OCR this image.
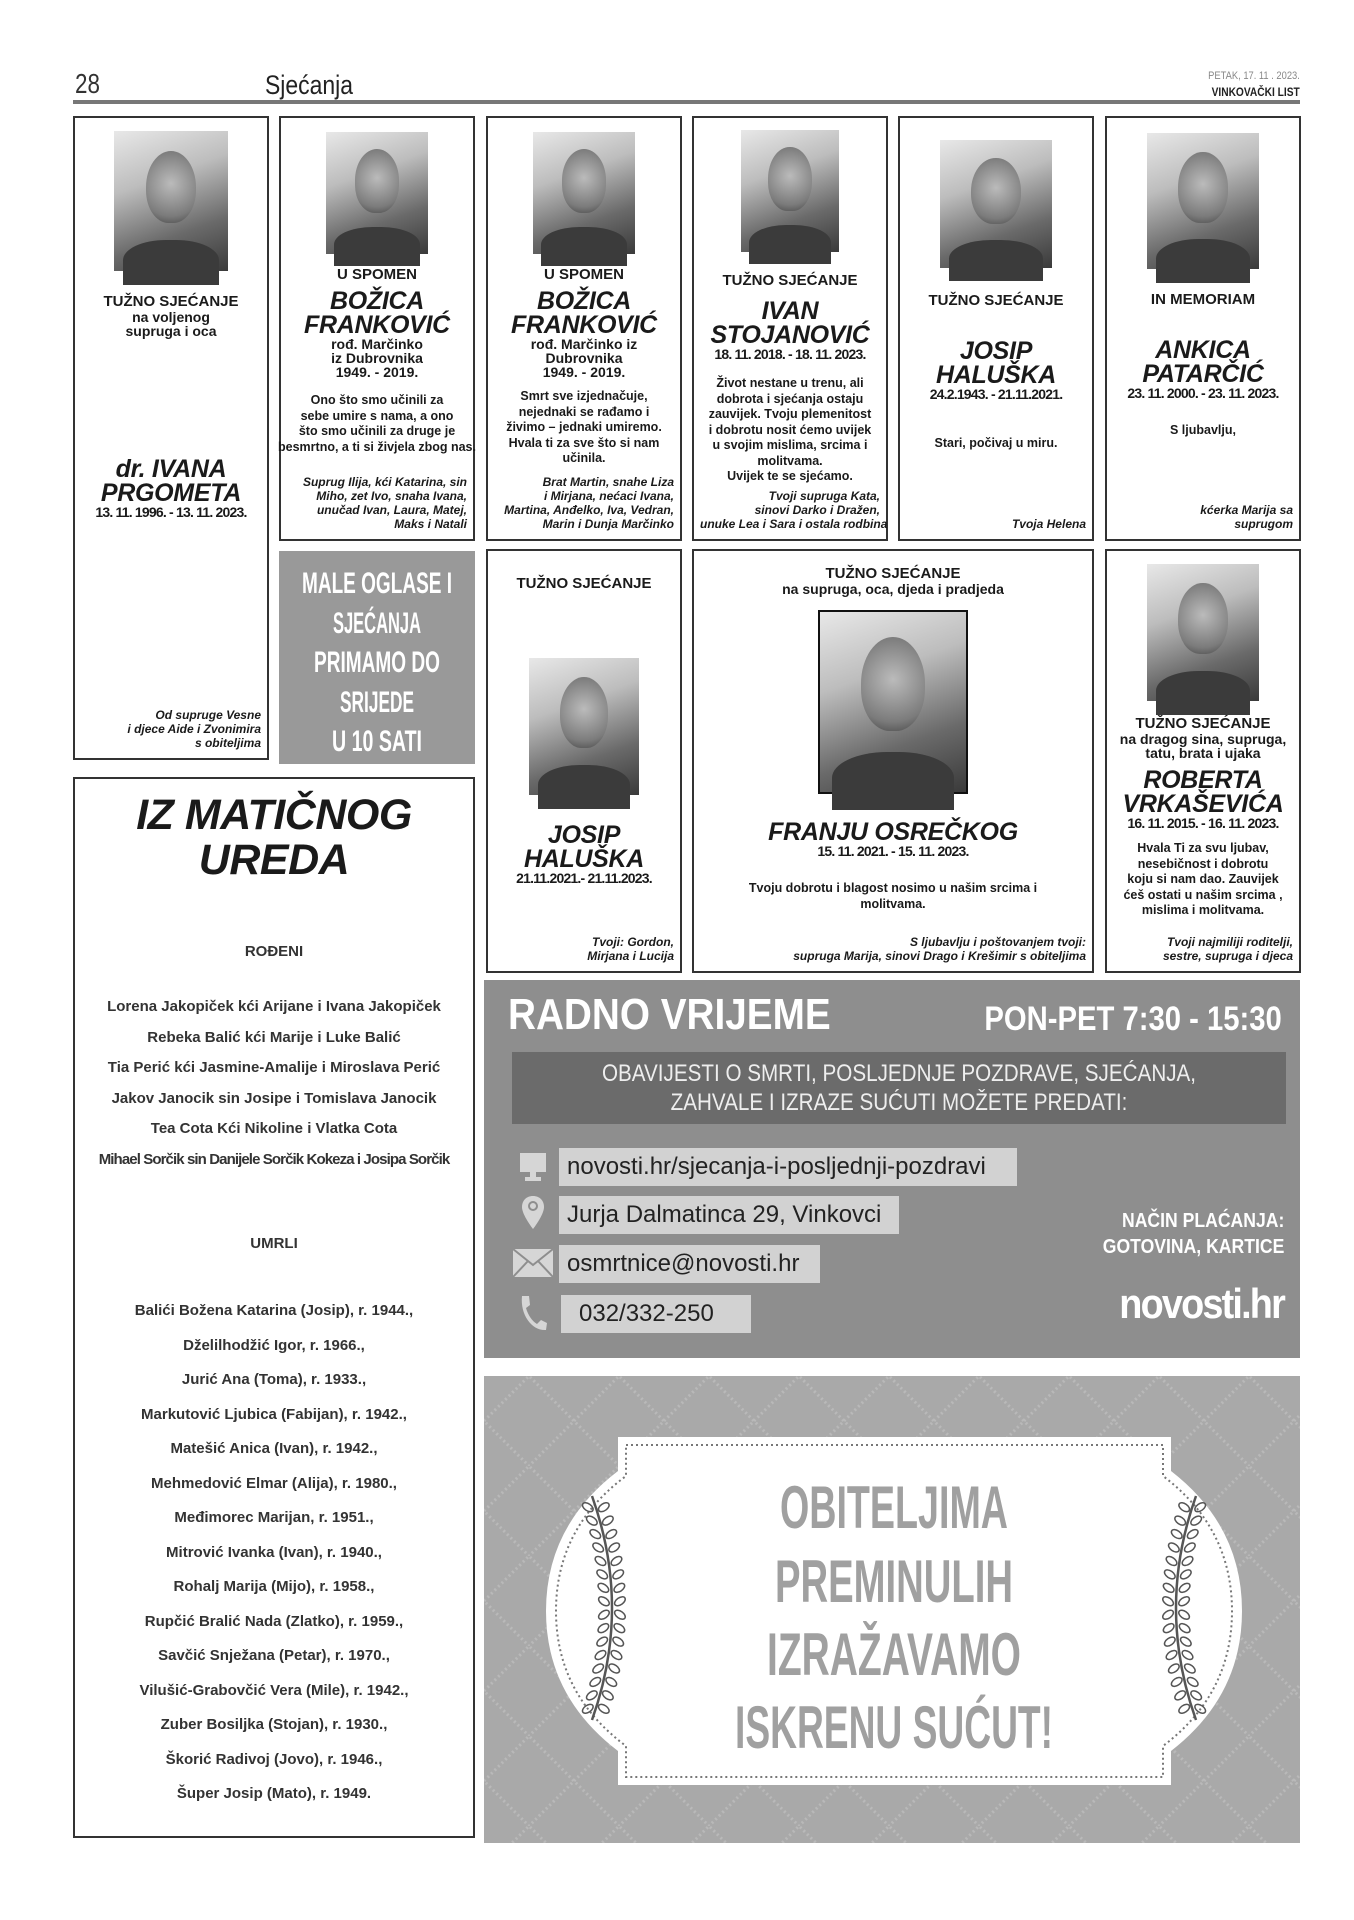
28	Sjećanja	PETAK, 17. 11 . 2023.
VINKOVAČKI LIST
TUŽNO SJEĆANJE
na voljenog
supruga i oca
dr. IVANA
PRGOMETA
13. 11. 1996. - 13. 11. 2023.
Od supruge Vesne
i djece Aide i Zvonimira
s obiteljima
U SPOMEN
BOŽICA
FRANKOVIĆ
rođ. Marčinko
iz Dubrovnika
1949. - 2019.
Ono što smo učinili za
sebe umire s nama, a ono
što smo učinili za druge je
besmrtno, a ti si živjela zbog nas.
Suprug Ilija, kći Katarina, sin
Miho, zet Ivo, snaha Ivana,
unučad Ivan, Laura, Matej,
Maks i Natali
U SPOMEN
BOŽICA
FRANKOVIĆ
rođ. Marčinko iz
Dubrovnika
1949. - 2019.
Smrt sve izjednačuje,
nejednaki se rađamo i
živimo – jednaki umiremo.
Hvala ti za sve što si nam
učinila.
Brat Martin, snahe Liza
i Mirjana, nećaci Ivana,
Martina, Anđelko, Iva, Vedran,
Marin i Dunja Marčinko
TUŽNO SJEĆANJE
IVAN
STOJANOVIĆ
18. 11. 2018. - 18. 11. 2023.
Život nestane u trenu, ali
dobrota i sjećanja ostaju
zauvijek. Tvoju plemenitost
i dobrotu nosit ćemo uvijek
u svojim mislima, srcima i
molitvama.
Uvijek te se sjećamo.
Tvoji supruga Kata,
sinovi Darko i Dražen,
unuke Lea i Sara i ostala rodbina
TUŽNO SJEĆANJE
JOSIP
HALUŠKA
24.2.1943. - 21.11.2021.
Stari, počivaj u miru.
Tvoja Helena
IN MEMORIAM
ANKICA
PATARČIĆ
23. 11. 2000. - 23. 11. 2023.
S ljubavlju,
kćerka Marija sa
suprugom
TUŽNO SJEĆANJE
JOSIP
HALUŠKA
21.11.2021.- 21.11.2023.
Tvoji: Gordon,
Mirjana i Lucija
TUŽNO SJEĆANJE
na supruga, oca, djeda i pradjeda
FRANJU OSREČKOG
15. 11. 2021. - 15. 11. 2023.
Tvoju dobrotu i blagost nosimo u našim srcima i
molitvama.
S ljubavlju i poštovanjem tvoji:
supruga Marija, sinovi Drago i Krešimir s obiteljima
TUŽNO SJEĆANJE
na dragog sina, supruga,
tatu, brata i ujaka
ROBERTA
VRKAŠEVIĆA
16. 11. 2015. - 16. 11. 2023.
Hvala Ti za svu ljubav,
nesebičnost i dobrotu
koju si nam dao. Zauvijek
ćeš ostati u našim srcima ,
mislima i molitvama.
Tvoji najmiliji roditelji,
sestre, supruga i djeca
MALE OGLASE I
SJEĆANJA
PRIMAMO DO
SRIJEDE
U 10 SATI
IZ MATIČNOG
UREDA
ROĐENI
Lorena Jakopiček kći Arijane i Ivana Jakopiček
Rebeka Balić kći Marije i Luke Balić
Tia Perić kći Jasmine-Amalije i Miroslava Perić
Jakov Janocik sin Josipe i Tomislava Janocik
Tea Cota Kći Nikoline i Vlatka Cota
Mihael Sorčik sin Danijele Sorčik Kokeza i Josipa Sorčik
UMRLI
Balići Božena Katarina (Josip), r. 1944.,
Dželilhodžić Igor, r. 1966.,
Jurić Ana (Toma), r. 1933.,
Markutović Ljubica (Fabijan), r. 1942.,
Matešić Anica (Ivan), r. 1942.,
Mehmedović Elmar (Alija), r. 1980.,
Međimorec Marijan, r. 1951.,
Mitrović Ivanka (Ivan), r. 1940.,
Rohalj Marija (Mijo), r. 1958.,
Rupčić Bralić Nada (Zlatko), r. 1959.,
Savčić Snježana (Petar), r. 1970.,
Vilušić-Grabovčić Vera (Mile), r. 1942.,
Zuber Bosiljka (Stojan), r. 1930.,
Škorić Radivoj (Jovo), r. 1946.,
Šuper Josip (Mato), r. 1949.
RADNO VRIJEME	PON-PET 7:30 - 15:30
OBAVIJESTI O SMRTI, POSLJEDNJE POZDRAVE, SJEĆANJA,
ZAHVALE I IZRAZE SUĆUTI MOŽETE PREDATI:
novosti.hr/sjecanja-i-posljednji-pozdravi
Jurja Dalmatinca 29, Vinkovci
osmrtnice@novosti.hr
032/332-250
NAČIN PLAĆANJA:
GOTOVINA, KARTICE
novosti.hr
OBITELJIMA
PREMINULIH
IZRAŽAVAMO
ISKRENU SUĆUT!
